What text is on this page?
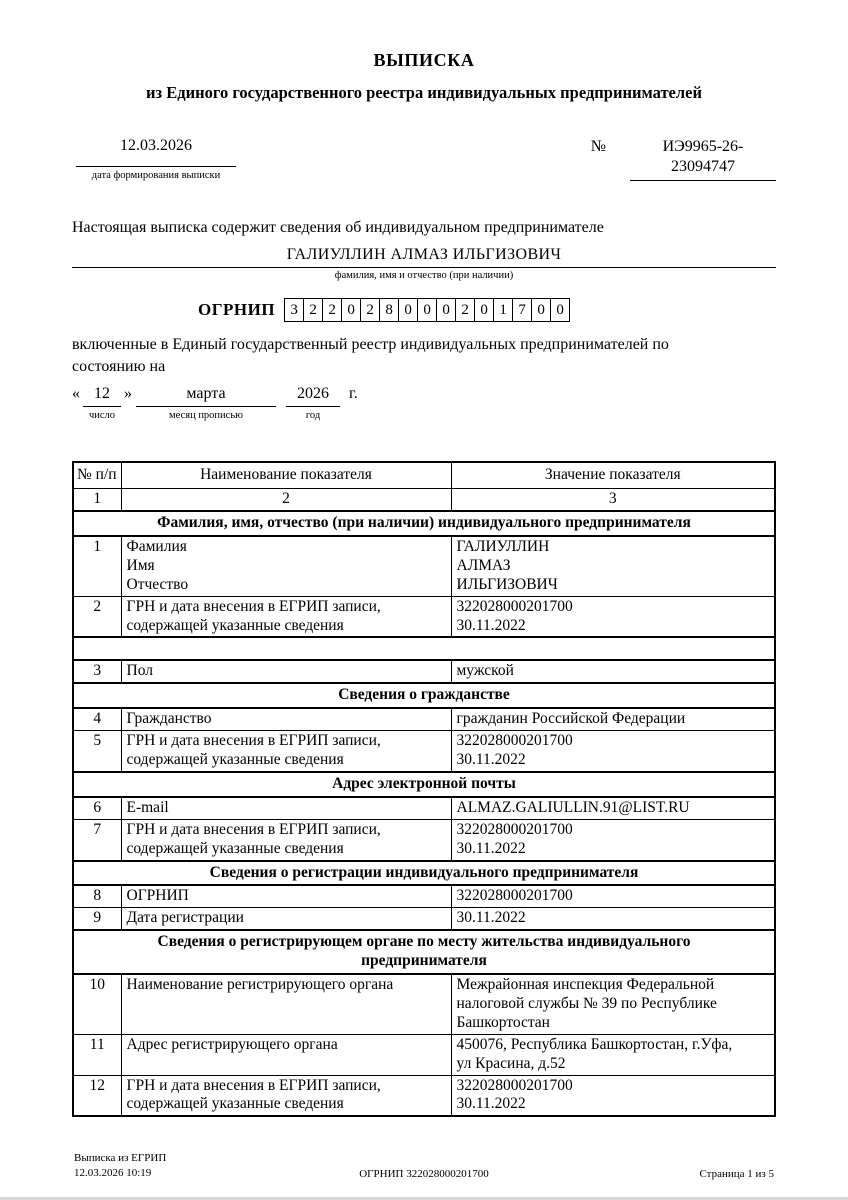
ВЫПИСКА
из Единого государственного реестра индивидуальных предпринимателей
12.03.2026
дата формирования выписки
№	ИЭ9965-26-
23094747
Настоящая выписка содержит сведения об индивидуальном предпринимателе
ГАЛИУЛЛИН АЛМАЗ ИЛЬГИЗОВИЧ
фамилия, имя и отчество (при наличии)
ОГРНИП	3 2 2 0 2 8 0 0 0 2 0 1 7 0 0
включенные в Единый государственный реестр индивидуальных предпринимателей по
состоянию на
« 12
число
»	марта
месяц прописью
2026
год
г.
№ п/п	Наименование показателя	Значение показателя
1	2	3
Фамилия, имя, отчество (при наличии) индивидуального предпринимателя		
1	Фамилия
Имя
Отчество	ГАЛИУЛЛИН
АЛМАЗ
ИЛЬГИЗОВИЧ
2	ГРН и дата внесения в ЕГРИП записи,
содержащей указанные сведения	322028000201700
30.11.2022

3	Пол	мужской
Сведения о гражданстве		
4	Гражданство	гражданин Российской Федерации
5	ГРН и дата внесения в ЕГРИП записи,
содержащей указанные сведения	322028000201700
30.11.2022
Адрес электронной почты		
6	E-mail	ALMAZ.GALIULLIN.91@LIST.RU
7	ГРН и дата внесения в ЕГРИП записи,
содержащей указанные сведения	322028000201700
30.11.2022
Сведения о регистрации индивидуального предпринимателя		
8	ОГРНИП	322028000201700
9	Дата регистрации	30.11.2022
Сведения о регистрирующем органе по месту жительства индивидуального
предпринимателя		
10	Наименование регистрирующего органа	Межрайонная инспекция Федеральной
налоговой службы № 39 по Республике
Башкортостан
11	Адрес регистрирующего органа	450076, Республика Башкортостан, г.Уфа,
ул Красина, д.52
12	ГРН и дата внесения в ЕГРИП записи,
содержащей указанные сведения	322028000201700
30.11.2022
Выписка из ЕГРИП
12.03.2026 10:19	ОГРНИП 322028000201700	Страница 1 из 5
